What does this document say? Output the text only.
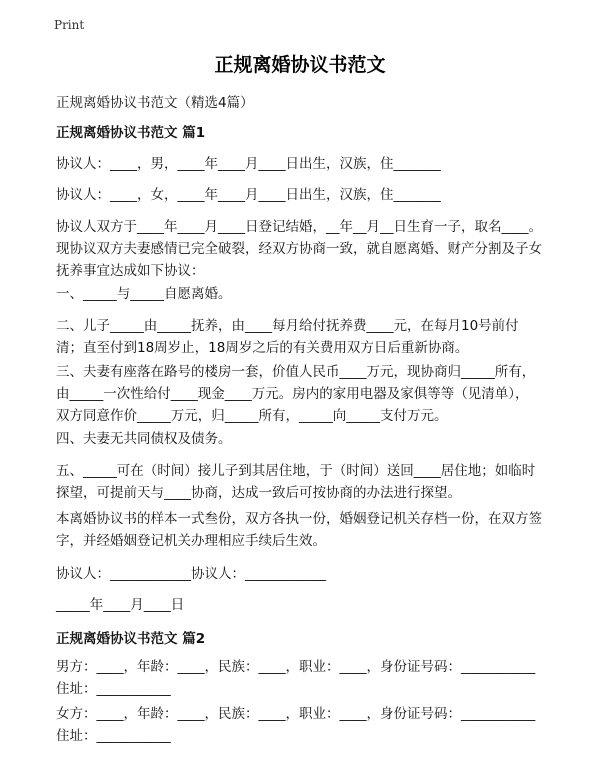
Print
正规离婚协议书范文
正规离婚协议书范文（精选4篇）
正规离婚协议书范文 篇1
协议人：____，男，____年____月____日出生，汉族，住_______
协议人：____，女，____年____月____日出生，汉族，住_______
协议人双方于____年____月____日登记结婚，__年__月__日生育一子，取名____。
现协议双方夫妻感情已完全破裂，经双方协商一致，就自愿离婚、财产分割及子女
抚养事宜达成如下协议：
一、_____与_____自愿离婚。
二、儿子_____由_____抚养，由____每月给付抚养费____元，在每月10号前付
清；直至付到18周岁止，18周岁之后的有关费用双方日后重新协商。
三、夫妻有座落在路号的楼房一套，价值人民币____万元，现协商归_____所有，
由_____一次性给付____现金____万元。房内的家用电器及家俱等等（见清单），
双方同意作价_____万元，归_____所有，_____向_____支付万元。
四、夫妻无共同债权及债务。
五、_____可在（时间）接儿子到其居住地，于（时间）送回____居住地；如临时
探望，可提前天与____协商，达成一致后可按协商的办法进行探望。
本离婚协议书的样本一式叁份，双方各执一份，婚姻登记机关存档一份，在双方签
字，并经婚姻登记机关办理相应手续后生效。
协议人：____________协议人：____________
_____年____月____日
正规离婚协议书范文 篇2
男方：____，年龄：____，民族：____，职业：____，身份证号码：___________
住址：___________
女方：____，年龄：____，民族：____，职业：____，身份证号码：___________
住址：___________
